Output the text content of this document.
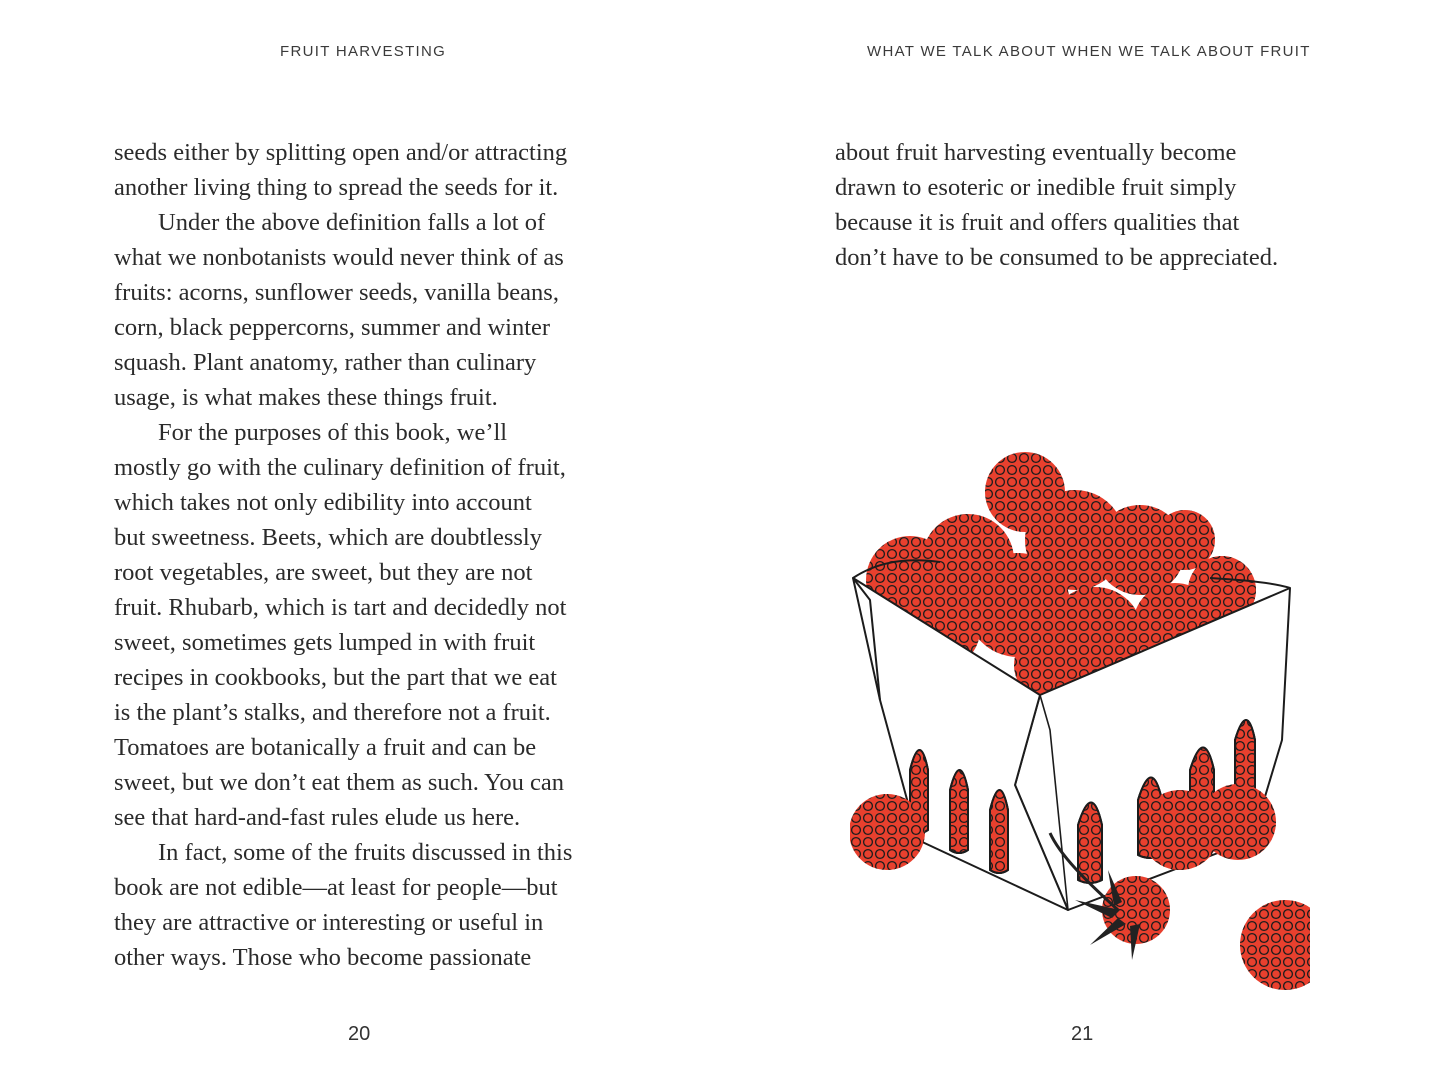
FRUIT HARVESTING
seeds either by splitting open and/or attracting
another living thing to spread the seeds for it.
Under the above definition falls a lot of
what we nonbotanists would never think of as
fruits: acorns, sunflower seeds, vanilla beans,
corn, black peppercorns, summer and winter
squash. Plant anatomy, rather than culinary
usage, is what makes these things fruit.
For the purposes of this book, we’ll
mostly go with the culinary definition of fruit,
which takes not only edibility into account
but sweetness. Beets, which are doubtlessly
root vegetables, are sweet, but they are not
fruit. Rhubarb, which is tart and decidedly not
sweet, sometimes gets lumped in with fruit
recipes in cookbooks, but the part that we eat
is the plant’s stalks, and therefore not a fruit.
Tomatoes are botanically a fruit and can be
sweet, but we don’t eat them as such. You can
see that hard-and-fast rules elude us here.
In fact, some of the fruits discussed in this
book are not edible—at least for people—but
they are attractive or interesting or useful in
other ways. Those who become passionate
20
WHAT WE TALK ABOUT WHEN WE TALK ABOUT FRUIT
about fruit harvesting eventually become
drawn to esoteric or inedible fruit simply
because it is fruit and offers qualities that
don’t have to be consumed to be appreciated.
21
